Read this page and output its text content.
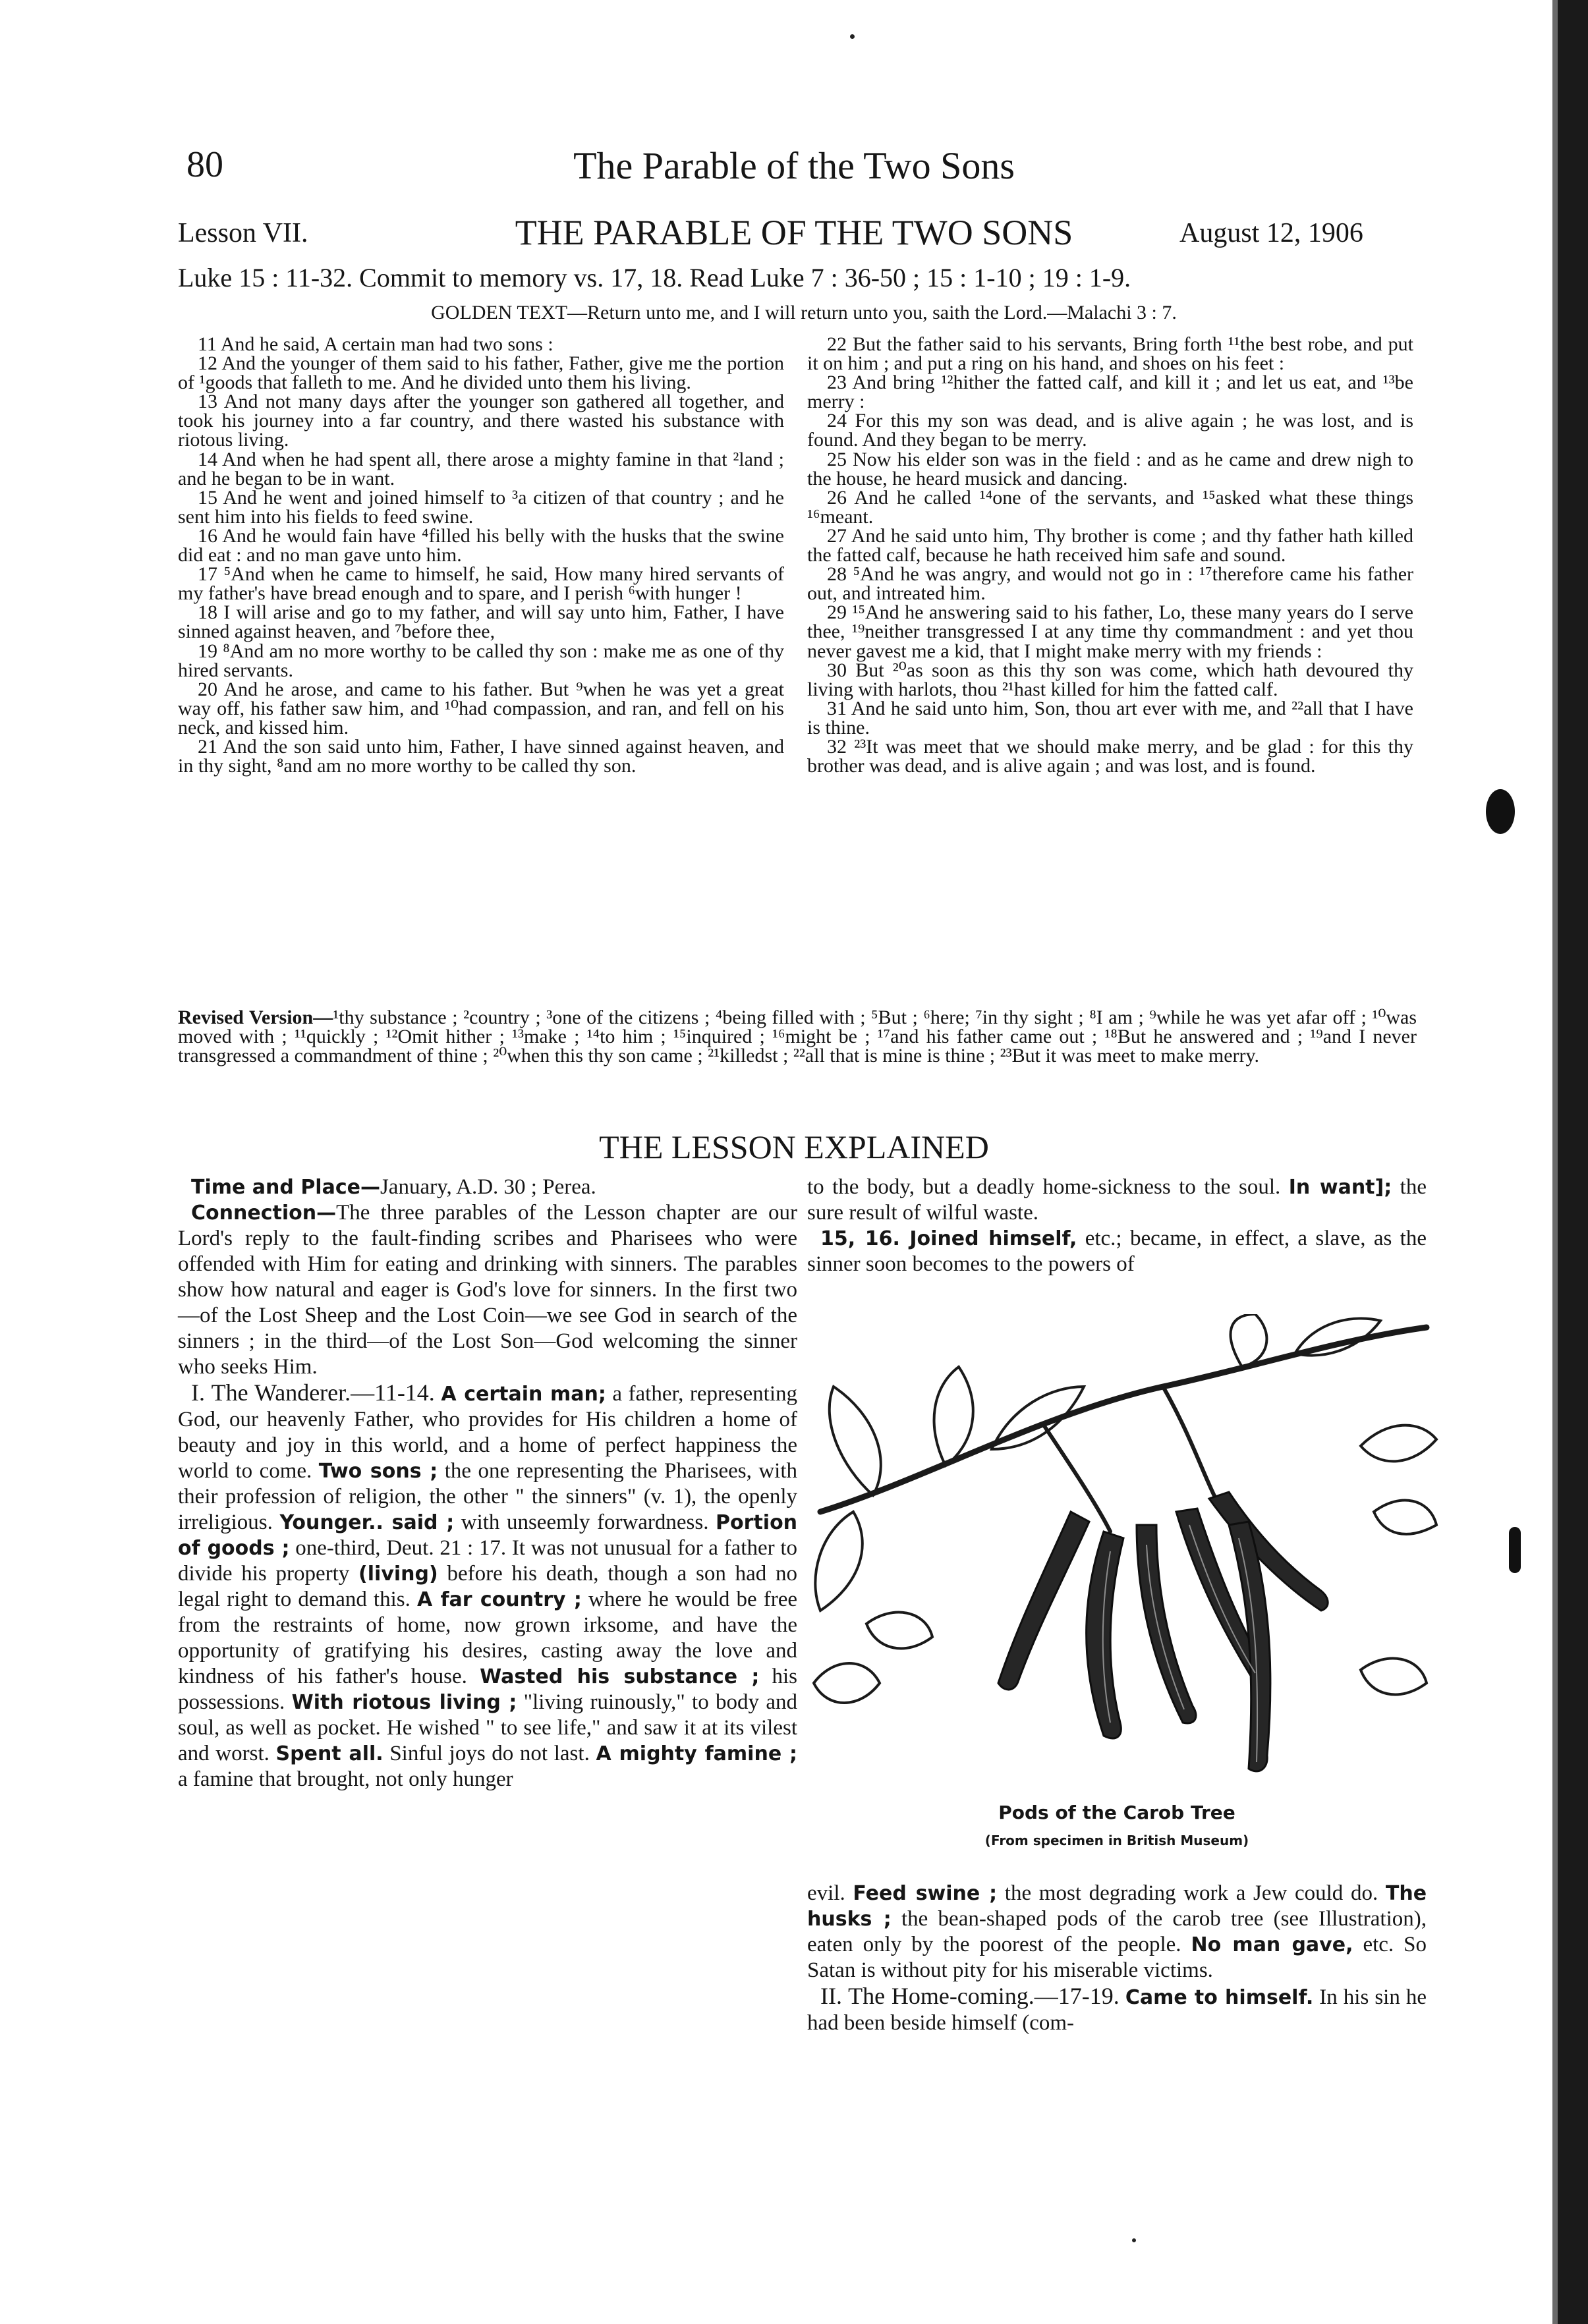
80	The Parable of the Two Sons
Lesson VII.	THE PARABLE OF THE TWO SONS	August 12, 1906
Luke 15 : 11-32. Commit to memory vs. 17, 18. Read Luke 7 : 36-50 ; 15 : 1-10 ; 19 : 1-9.
GOLDEN TEXT—Return unto me, and I will return unto you, saith the Lord.—Malachi 3 : 7.

11 And he said, A certain man had two sons :

12 And the younger of them said to his father, Father, give me the portion of ¹goods that falleth to me. And he divided unto them his living.

13 And not many days after the younger son gathered all together, and took his journey into a far country, and there wasted his substance with riotous living.

14 And when he had spent all, there arose a mighty famine in that ²land ; and he began to be in want.

15 And he went and joined himself to ³a citizen of that country ; and he sent him into his fields to feed swine.

16 And he would fain have ⁴filled his belly with the husks that the swine did eat : and no man gave unto him.

17 ⁵And when he came to himself, he said, How many hired servants of my father's have bread enough and to spare, and I perish ⁶with hunger !

18 I will arise and go to my father, and will say unto him, Father, I have sinned against heaven, and ⁷before thee,

19 ⁸And am no more worthy to be called thy son : make me as one of thy hired servants.

20 And he arose, and came to his father. But ⁹when he was yet a great way off, his father saw him, and ¹⁰had compassion, and ran, and fell on his neck, and kissed him.

21 And the son said unto him, Father, I have sinned against heaven, and in thy sight, ⁸and am no more worthy to be called thy son.

22 But the father said to his servants, Bring forth ¹¹the best robe, and put it on him ; and put a ring on his hand, and shoes on his feet :

23 And bring ¹²hither the fatted calf, and kill it ; and let us eat, and ¹³be merry :

24 For this my son was dead, and is alive again ; he was lost, and is found. And they began to be merry.

25 Now his elder son was in the field : and as he came and drew nigh to the house, he heard musick and dancing.

26 And he called ¹⁴one of the servants, and ¹⁵asked what these things ¹⁶meant.

27 And he said unto him, Thy brother is come ; and thy father hath killed the fatted calf, because he hath received him safe and sound.

28 ⁵And he was angry, and would not go in : ¹⁷therefore came his father out, and intreated him.

29 ¹⁵And he answering said to his father, Lo, these many years do I serve thee, ¹⁹neither transgressed I at any time thy commandment : and yet thou never gavest me a kid, that I might make merry with my friends :

30 But ²⁰as soon as this thy son was come, which hath devoured thy living with harlots, thou ²¹hast killed for him the fatted calf.

31 And he said unto him, Son, thou art ever with me, and ²²all that I have is thine.

32 ²³It was meet that we should make merry, and be glad : for this thy brother was dead, and is alive again ; and was lost, and is found.

Revised Version—¹thy substance ; ²country ; ³one of the citizens ; ⁴being filled with ; ⁵But ; ⁶here; ⁷in thy sight ; ⁸I am ; ⁹while he was yet afar off ; ¹⁰was moved with ; ¹¹quickly ; ¹²Omit hither ; ¹³make ; ¹⁴to him ; ¹⁵inquired ; ¹⁶might be ; ¹⁷and his father came out ; ¹⁸But he answered and ; ¹⁹and I never transgressed a commandment of thine ; ²⁰when this thy son came ; ²¹killedst ; ²²all that is mine is thine ; ²³But it was meet to make merry.
THE LESSON EXPLAINED

Time and Place—January, A.D. 30 ; Perea.

Connection—The three parables of the Lesson chapter are our Lord's reply to the fault-finding scribes and Pharisees who were offended with Him for eating and drinking with sinners. The parables show how natural and eager is God's love for sinners. In the first two—of the Lost Sheep and the Lost Coin—we see God in search of the sinners ; in the third—of the Lost Son—God welcoming the sinner who seeks Him.

I. The Wanderer.—11-14. A certain man; a father, representing God, our heavenly Father, who provides for His children a home of beauty and joy in this world, and a home of perfect happiness the world to come. Two sons ; the one representing the Pharisees, with their profession of religion, the other " the sinners" (v. 1), the openly irreligious. Younger.. said ; with unseemly forwardness. Portion of goods ; one-third, Deut. 21 : 17. It was not unusual for a father to divide his property (living) before his death, though a son had no legal right to demand this. A far country ; where he would be free from the restraints of home, now grown irksome, and have the opportunity of gratifying his desires, casting away the love and kindness of his father's house. Wasted his substance ; his possessions. With riotous living ; "living ruinously," to body and soul, as well as pocket. He wished " to see life," and saw it at its vilest and worst. Spent all. Sinful joys do not last. A mighty famine ; a famine that brought, not only hunger

to the body, but a deadly home-sickness to the soul. In want]; the sure result of wilful waste.

15, 16. Joined himself, etc.; became, in effect, a slave, as the sinner soon becomes to the powers of

Pods of the Carob Tree
(From specimen in British Museum)

evil. Feed swine ; the most degrading work a Jew could do. The husks ; the bean-shaped pods of the carob tree (see Illustration), eaten only by the poorest of the people. No man gave, etc. So Satan is without pity for his miserable victims.

II. The Home-coming.—17-19. Came to himself. In his sin he had been beside himself (com-
